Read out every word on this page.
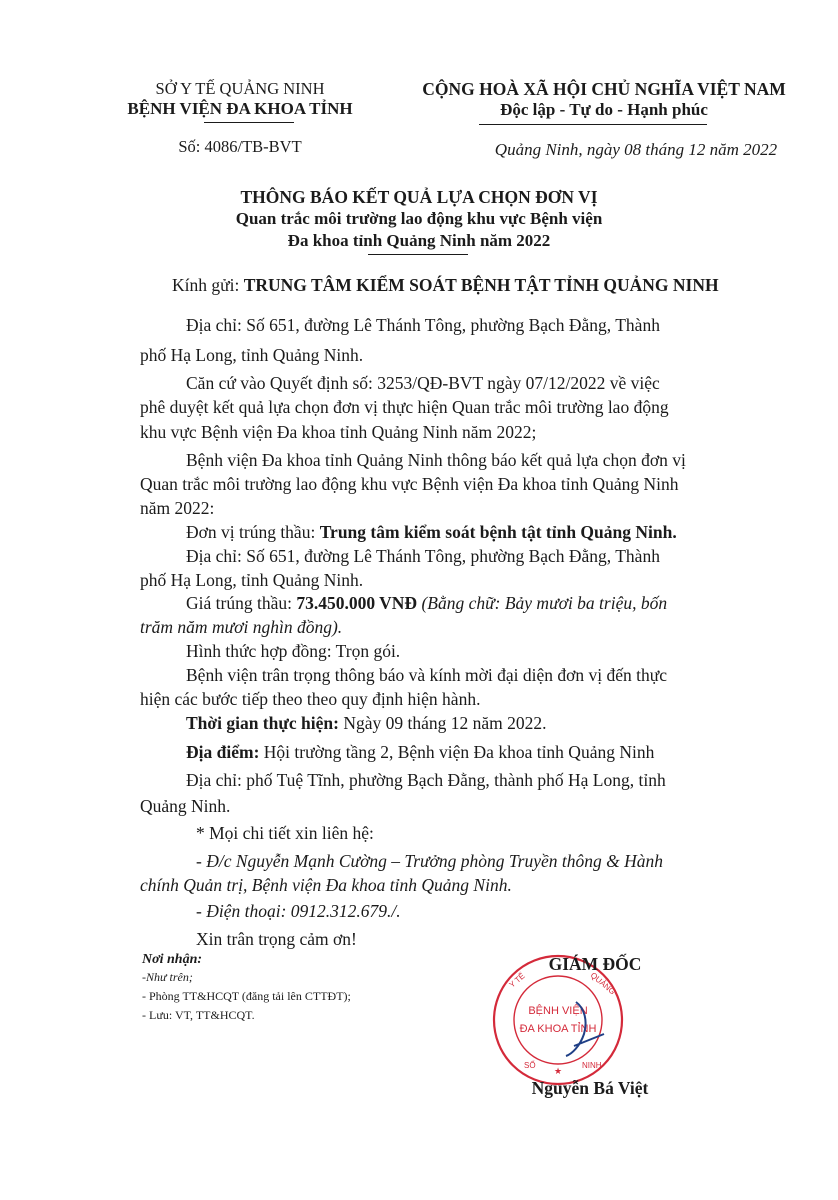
SỞ Y TẾ QUẢNG NINH

BỆNH VIỆN ĐA KHOA TỈNH

Số: 4086/TB-BVT

CỘNG HOÀ XÃ HỘI CHỦ NGHĨA VIỆT NAM

Độc lập - Tự do - Hạnh phúc

Quảng Ninh, ngày 08 tháng 12 năm 2022

THÔNG BÁO KẾT QUẢ LỰA CHỌN ĐƠN VỊ

Quan trắc môi trường lao động khu vực Bệnh viện

Đa khoa tỉnh Quảng Ninh năm 2022

Kính gửi: TRUNG TÂM KIỂM SOÁT BỆNH TẬT TỈNH QUẢNG NINH

Địa chỉ: Số 651, đường Lê Thánh Tông, phường Bạch Đằng, Thành

phố Hạ Long, tỉnh Quảng Ninh.

Căn cứ vào Quyết định số: 3253/QĐ-BVT ngày 07/12/2022 về việc

phê duyệt kết quả lựa chọn đơn vị thực hiện Quan trắc môi trường lao động

khu vực Bệnh viện Đa khoa tỉnh Quảng Ninh năm 2022;

Bệnh viện Đa khoa tỉnh Quảng Ninh thông báo kết quả lựa chọn đơn vị

Quan trắc môi trường lao động khu vực Bệnh viện Đa khoa tỉnh Quảng Ninh

năm 2022:

Đơn vị trúng thầu: Trung tâm kiểm soát bệnh tật tỉnh Quảng Ninh.

Địa chỉ: Số 651, đường Lê Thánh Tông, phường Bạch Đằng, Thành

phố Hạ Long, tỉnh Quảng Ninh.

Giá trúng thầu: 73.450.000 VNĐ (Bằng chữ: Bảy mươi ba triệu, bốn

trăm năm mươi nghìn đồng).

Hình thức hợp đồng: Trọn gói.

Bệnh viện trân trọng thông báo và kính mời đại diện đơn vị đến thực

hiện các bước tiếp theo theo quy định hiện hành.

Thời gian thực hiện: Ngày 09 tháng 12 năm 2022.

Địa điểm: Hội trường tầng 2, Bệnh viện Đa khoa tỉnh Quảng Ninh

Địa chỉ: phố Tuệ Tĩnh, phường Bạch Đằng, thành phố Hạ Long, tỉnh

Quảng Ninh.

* Mọi chi tiết xin liên hệ:

- Đ/c Nguyễn Mạnh Cường – Trưởng phòng Truyền thông & Hành

chính Quản trị, Bệnh viện Đa khoa tỉnh Quảng Ninh.

- Điện thoại: 0912.312.679./.

Xin trân trọng cảm ơn!

Nơi nhận:

-Như trên;

- Phòng TT&HCQT (đăng tải lên CTTĐT);

- Lưu: VT, TT&HCQT.

Y TẾ	QUẢNG
SỐ	NINH
★
BỆNH VIỆN
ĐA KHOA TỈNH

GIÁM ĐỐC

Nguyễn Bá Việt
